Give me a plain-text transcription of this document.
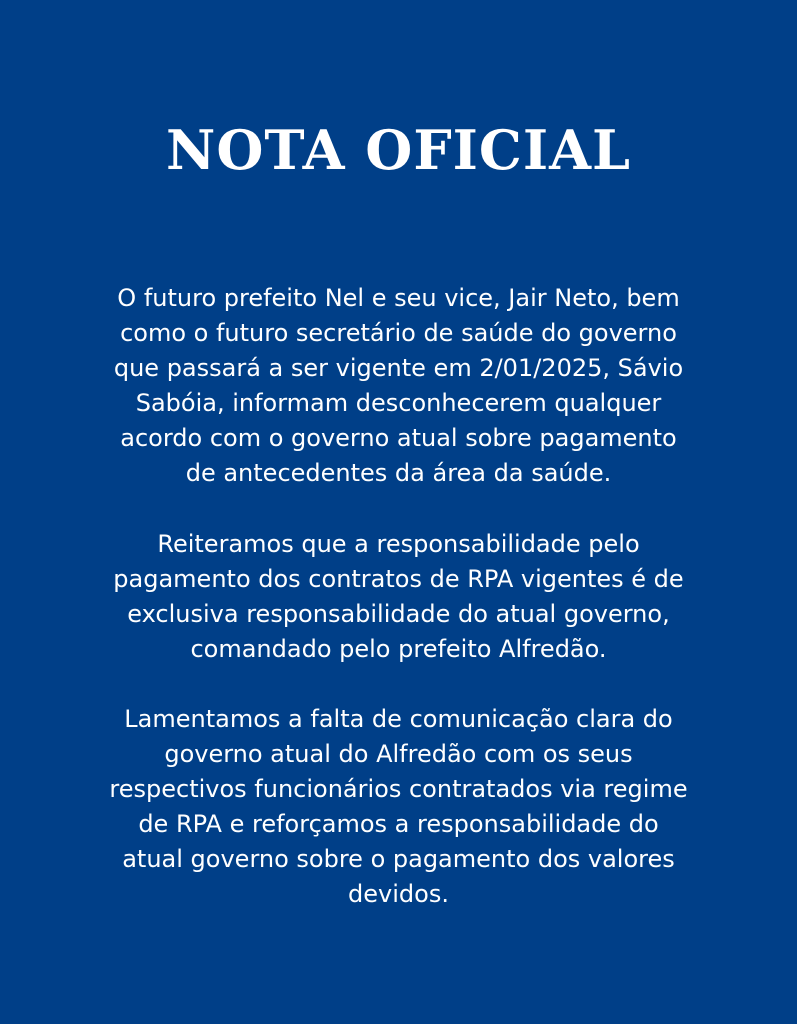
NOTA OFICIAL
O futuro prefeito Nel e seu vice, Jair Neto, bem
como o futuro secretário de saúde do governo
que passará a ser vigente em 2/01/2025, Sávio
Sabóia, informam desconhecerem qualquer
acordo com o governo atual sobre pagamento
de antecedentes da área da saúde.
Reiteramos que a responsabilidade pelo
pagamento dos contratos de RPA vigentes é de
exclusiva responsabilidade do atual governo,
comandado pelo prefeito Alfredão.
Lamentamos a falta de comunicação clara do
governo atual do Alfredão com os seus
respectivos funcionários contratados via regime
de RPA e reforçamos a responsabilidade do
atual governo sobre o pagamento dos valores
devidos.
